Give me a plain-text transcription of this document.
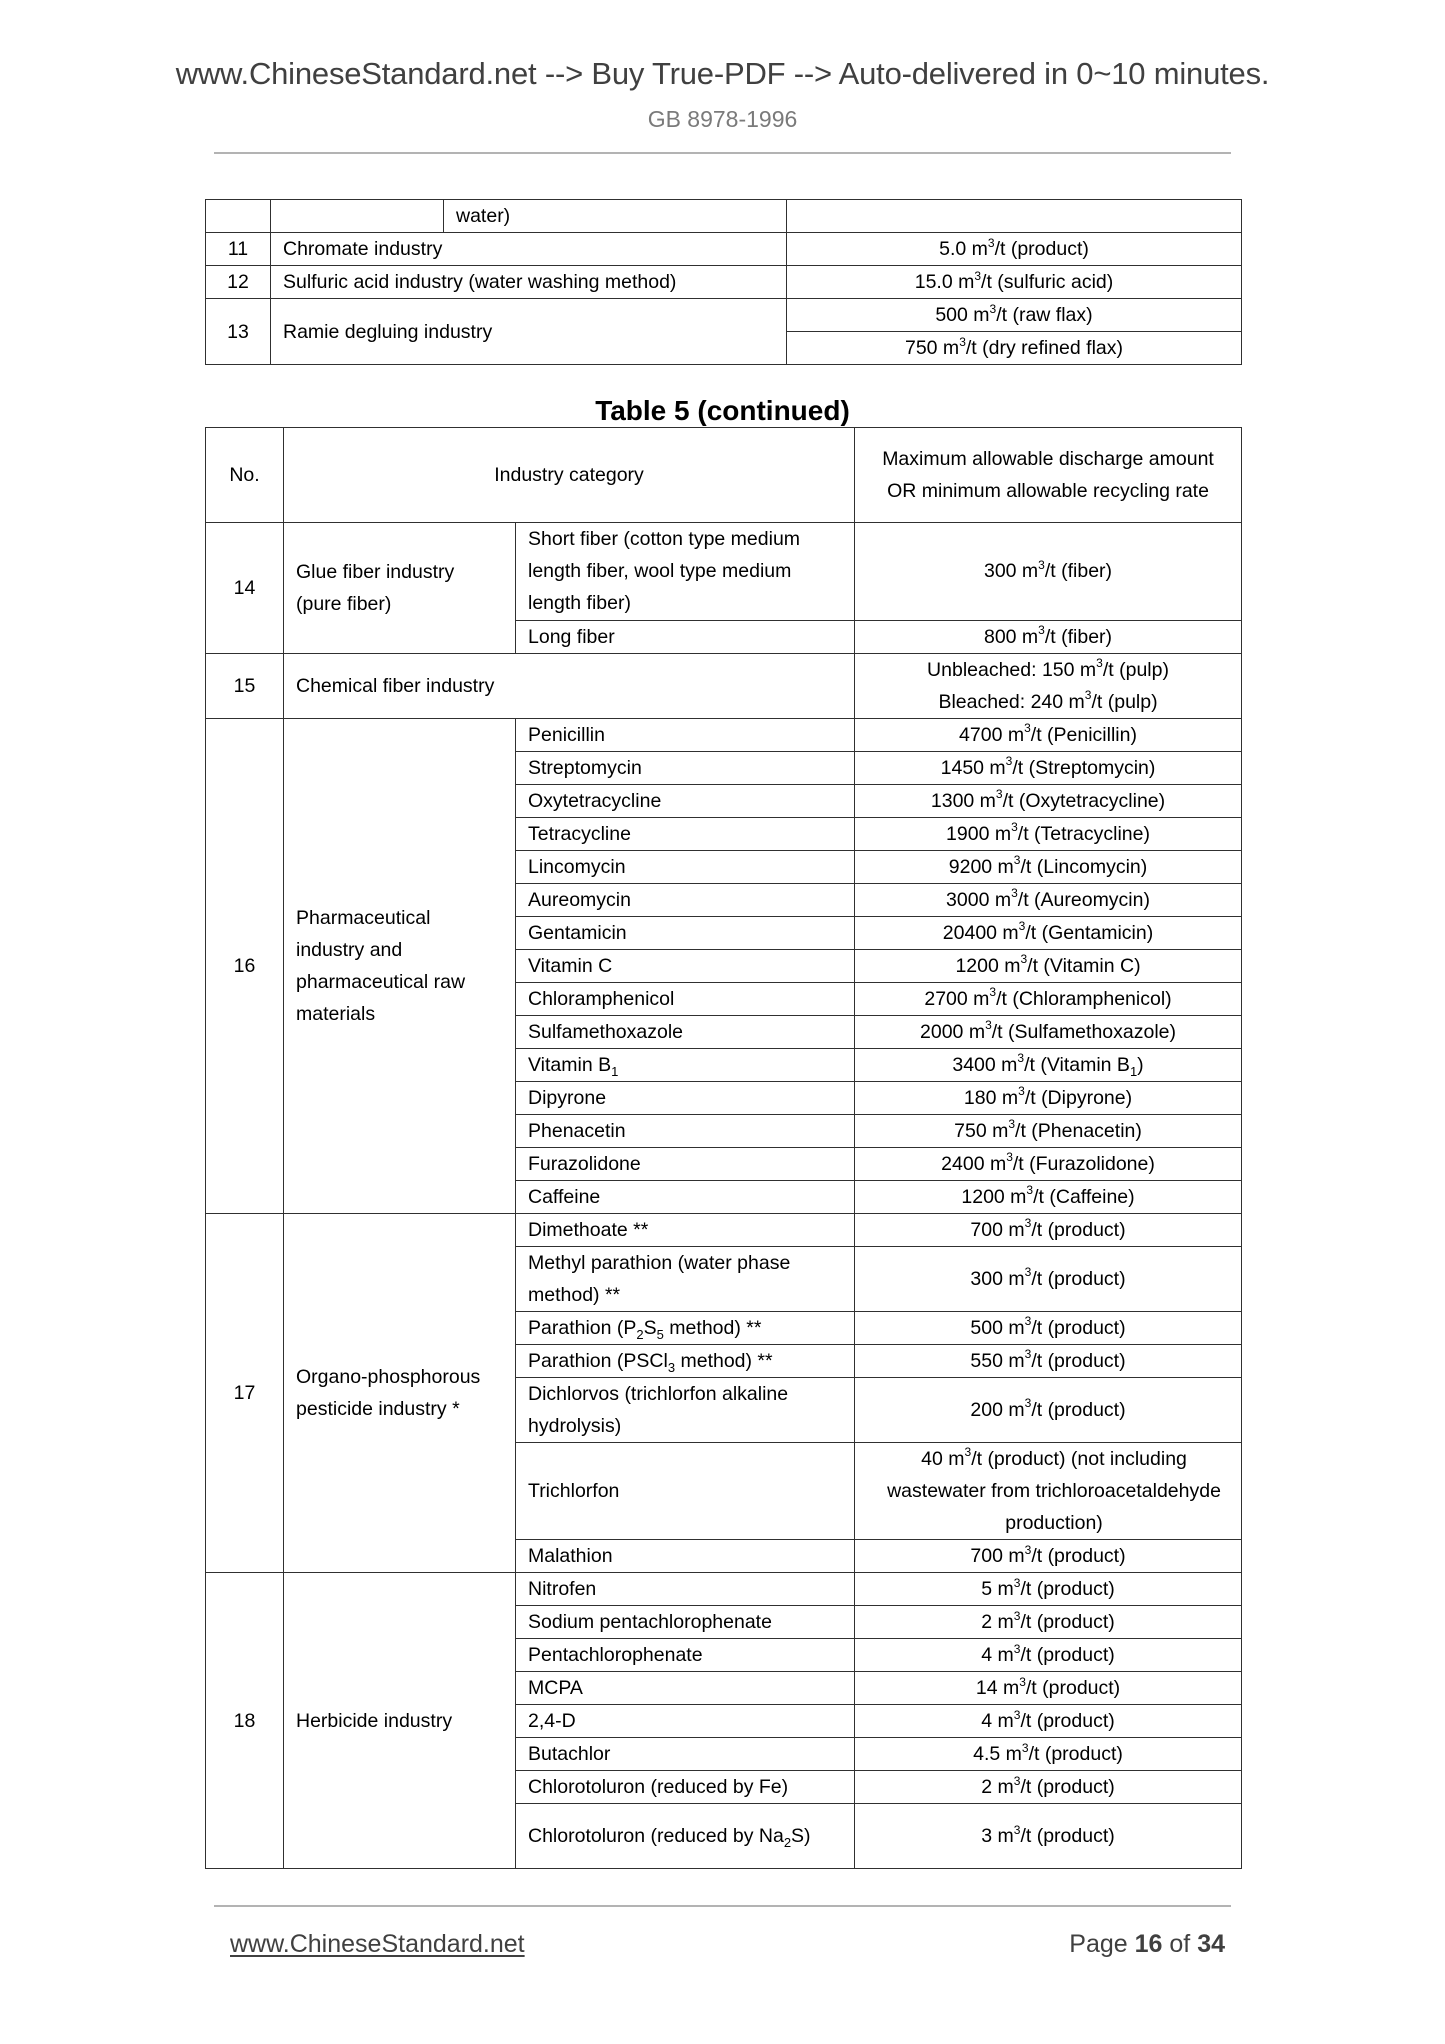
www.ChineseStandard.net --> Buy True-PDF --> Auto-delivered in 0~10 minutes.
GB 8978-1996
		water)	
11	Chromate industry		5.0 $m^3/t$ (product)
12	Sulfuric acid industry (water washing method)		15.0 $m^3/t$ (sulfuric acid)
13	Ramie degluing industry		500 $m^3/t$ (raw flax)
			750 $m^3/t$ (dry refined flax)
Table 5 (continued)
No.	Industry category		Maximum allowable discharge amount OR minimum allowable recycling rate
14	Glue fiber industry (pure fiber)	Short fiber (cotton type medium length fiber, wool type medium length fiber)	300 $m^3/t$ (fiber)
		Long fiber	800 $m^3/t$ (fiber)
15	Chemical fiber industry		Unbleached: 150 $m^3/t$ (pulp)
Bleached: 240 $m^3/t$ (pulp)

16	Pharmaceutical industry and pharmaceutical raw materials	Penicillin	4700 $m^3/t$ (Penicillin)
		Streptomycin	1450 $m^3/t$ (Streptomycin)
		Oxytetracycline	1300 $m^3/t$ (Oxytetracycline)
		Tetracycline	1900 $m^3/t$ (Tetracycline)
		Lincomycin	9200 $m^3/t$ (Lincomycin)
		Aureomycin	3000 $m^3/t$ (Aureomycin)
		Gentamicin	20400 $m^3/t$ (Gentamicin)
		Vitamin C	1200 $m^3/t$ (Vitamin C)
		Chloramphenicol	2700 $m^3/t$ (Chloramphenicol)
		Sulfamethoxazole	2000 $m^3/t$ (Sulfamethoxazole)
		Vitamin $B_1$	3400 $m^3/t$ (Vitamin $B_1$)
		Dipyrone	180 $m^3/t$ (Dipyrone)
		Phenacetin	750 $m^3/t$ (Phenacetin)
		Furazolidone	2400 $m^3/t$ (Furazolidone)
		Caffeine	1200 $m^3/t$ (Caffeine)
17	Organo-phosphorous pesticide industry *	Dimethoate **	700 $m^3/t$ (product)
		Methyl parathion (water phase method) **	300 $m^3/t$ (product)
		Parathion ($P_2S_5$ method) **	500 $m^3/t$ (product)
		Parathion (PSCl$_3$ method) **	550 $m^3/t$ (product)
		Dichlorvos (trichlorfon alkaline hydrolysis)	200 $m^3/t$ (product)
		Trichlorfon	40 $m^3/t$ (product) (not including wastewater from trichloroacetaldehyde production)
		Malathion	700 $m^3/t$ (product)
18	Herbicide industry	Nitrofen	5 $m^3/t$ (product)
		Sodium pentachlorophenate	2 $m^3/t$ (product)
		Pentachlorophenate	4 $m^3/t$ (product)
		MCPA	14 $m^3/t$ (product)
		2,4-D	4 $m^3/t$ (product)
		Butachlor	4.5 $m^3/t$ (product)
		Chlorotoluron (reduced by Fe)	2 $m^3/t$ (product)
		Chlorotoluron (reduced by $Na_2S$)	3 $m^3/t$ (product)
www.ChineseStandard.net	Page 16 of 34
